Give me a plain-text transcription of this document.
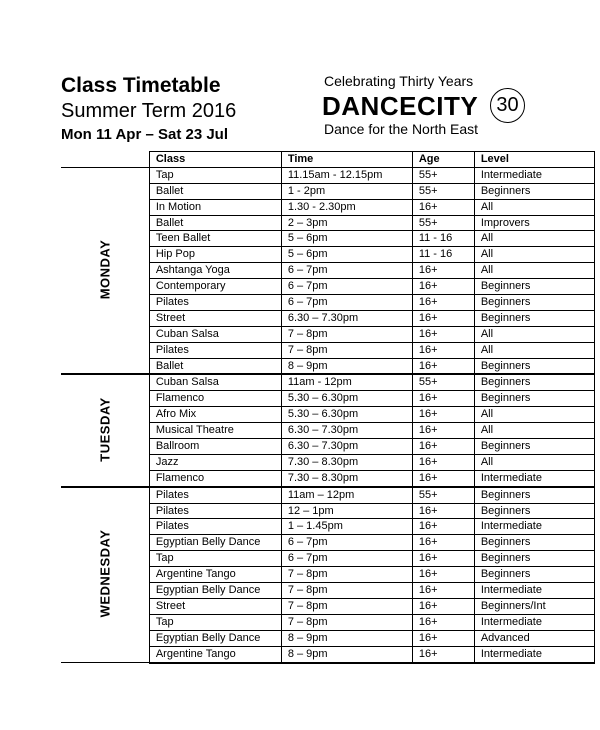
Class Timetable

Summer Term 2016

Mon 11 Apr – Sat 23 Jul

Celebrating Thirty Years
DANCECITY 30
Dance for the North East
	Class	Time	Age	Level
MONDAY	Tap	11.15am - 12.15pm	55+	Intermediate
	Ballet	1 - 2pm	55+	Beginners
	In Motion	1.30 - 2.30pm	16+	All
	Ballet	2 – 3pm	55+	Improvers
	Teen Ballet	5 – 6pm	11 - 16	All
	Hip Pop	5 – 6pm	11 - 16	All
	Ashtanga Yoga	6 – 7pm	16+	All
	Contemporary	6 – 7pm	16+	Beginners
	Pilates	6 – 7pm	16+	Beginners
	Street	6.30 – 7.30pm	16+	Beginners
	Cuban Salsa	7 – 8pm	16+	All
	Pilates	7 – 8pm	16+	All
	Ballet	8 – 9pm	16+	Beginners
TUESDAY	Cuban Salsa	11am - 12pm	55+	Beginners
	Flamenco	5.30 – 6.30pm	16+	Beginners
	Afro Mix	5.30 – 6.30pm	16+	All
	Musical Theatre	6.30 – 7.30pm	16+	All
	Ballroom	6.30 – 7.30pm	16+	Beginners
	Jazz	7.30 – 8.30pm	16+	All
	Flamenco	7.30 – 8.30pm	16+	Intermediate
WEDNESDAY	Pilates	11am – 12pm	55+	Beginners
	Pilates	12 – 1pm	16+	Beginners
	Pilates	1 – 1.45pm	16+	Intermediate
	Egyptian Belly Dance	6 – 7pm	16+	Beginners
	Tap	6 – 7pm	16+	Beginners
	Argentine Tango	7 – 8pm	16+	Beginners
	Egyptian Belly Dance	7 – 8pm	16+	Intermediate
	Street	7 – 8pm	16+	Beginners/Int
	Tap	7 – 8pm	16+	Intermediate
	Egyptian Belly Dance	8 – 9pm	16+	Advanced
	Argentine Tango	8 – 9pm	16+	Intermediate
